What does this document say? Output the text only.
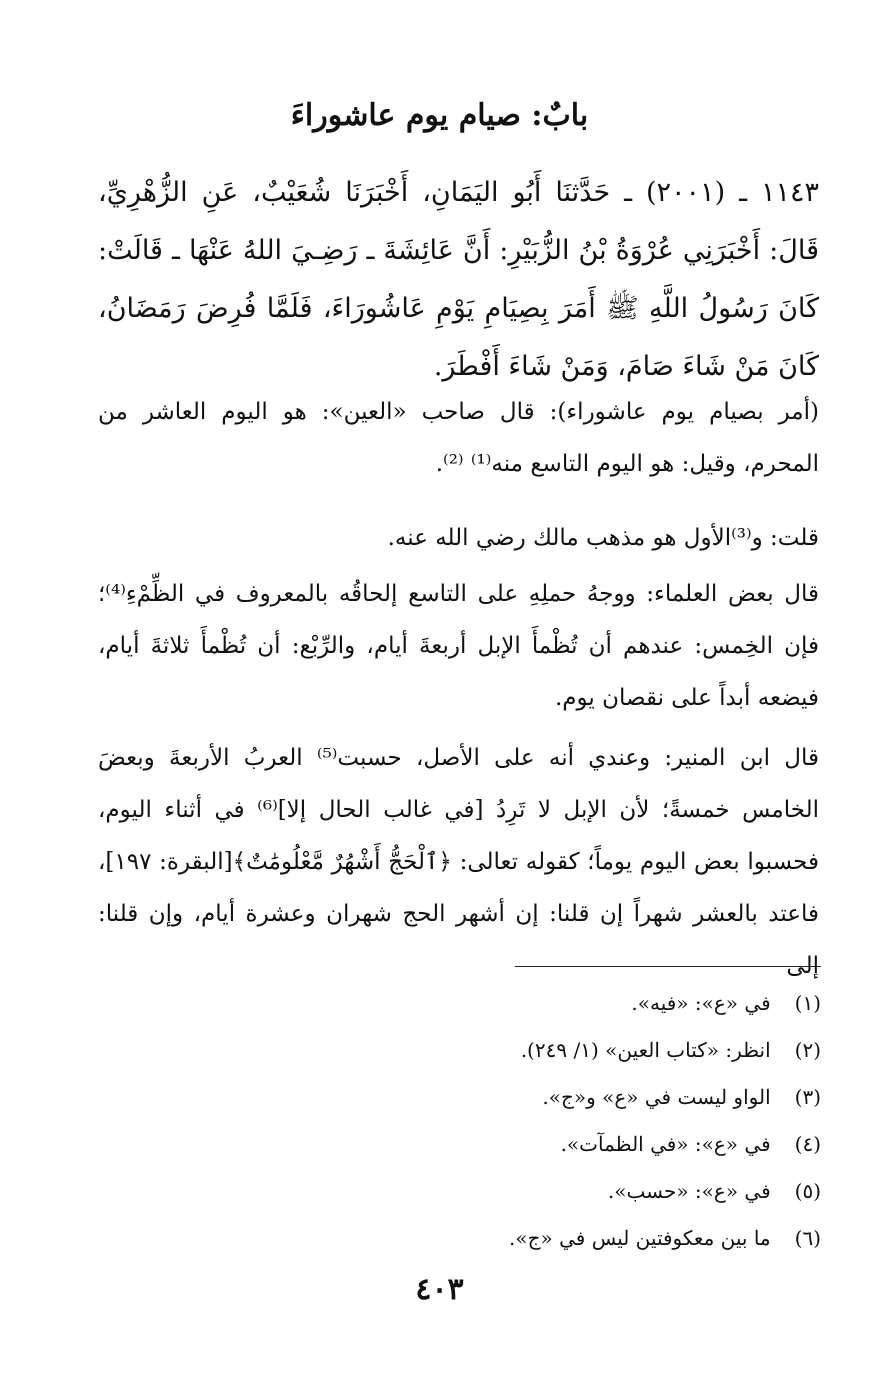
بابٌ: صيام يوم عاشوراءَ

١١٤٣ ـ (٢٠٠١) ـ حَدَّثنَا أَبُو اليَمَانِ، أَخْبَرَنَا شُعَيْبٌ، عَنِ الزُّهْرِيِّ، قَالَ: أَخْبَرَنِي عُرْوَةُ بْنُ الزُّبَيْرِ: أَنَّ عَائِشَةَ ـ رَضِـيَ اللهُ عَنْهَا ـ قَالَتْ: كَانَ رَسُولُ اللَّهِ ﷺ أَمَرَ بِصِيَامِ يَوْمِ عَاشُورَاءَ، فَلَمَّا فُرِضَ رَمَضَانُ، كَانَ مَنْ شَاءَ صَامَ، وَمَنْ شَاءَ أَفْطَرَ.

(أمر بصيام يوم عاشوراء): قال صاحب «العين»: هو اليوم العاشر من المحرم، وقيل: هو اليوم التاسع منه⁽¹⁾ ⁽²⁾.

قلت: و⁽³⁾الأول هو مذهب مالك رضي الله عنه.

قال بعض العلماء: ووجهُ حملِهِ على التاسع إلحاقُه بالمعروف في الظِّمْءِ⁽⁴⁾؛ فإن الخِمس: عندهم أن تُظْمأَ الإبل أربعةَ أيام، والرِّبْع: أن تُظْمأَ ثلاثةَ أيام، فيضعه أبداً على نقصان يوم.

قال ابن المنير: وعندي أنه على الأصل، حسبت⁽⁵⁾ العربُ الأربعةَ وبعضَ الخامس خمسةً؛ لأن الإبل لا تَرِدُ [في غالب الحال إلا]⁽⁶⁾ في أثناء اليوم، فحسبوا بعض اليوم يوماً؛ كقوله تعالى: ﴿ٱلْحَجُّ أَشْهُرٌ مَّعْلُومَٰتٌ﴾[البقرة: ١٩٧]، فاعتد بالعشر شهراً إن قلنا: إن أشهر الحج شهران وعشرة أيام، وإن قلنا: إلى

(١) في «ع»: «فيه».
(٢) انظر: «كتاب العين» (١/ ٢٤٩).
(٣) الواو ليست في «ع» و«ج».
(٤) في «ع»: «في الظمآت».
(٥) في «ع»: «حسب».
(٦) ما بين معكوفتين ليس في «ج».
٤٠٣
